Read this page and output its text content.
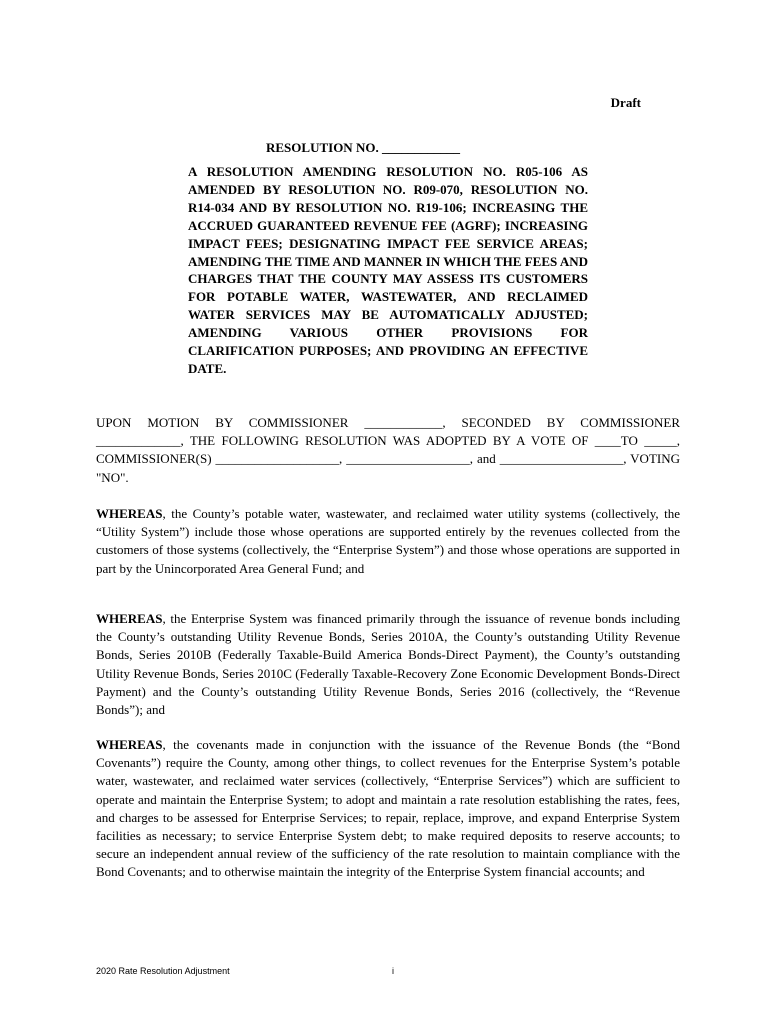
Draft
RESOLUTION NO. ____________
A RESOLUTION AMENDING RESOLUTION NO. R05-106 AS AMENDED BY RESOLUTION NO. R09-070, RESOLUTION NO. R14-034 AND BY RESOLUTION NO. R19-106; INCREASING THE ACCRUED GUARANTEED REVENUE FEE (AGRF); INCREASING IMPACT FEES; DESIGNATING IMPACT FEE SERVICE AREAS; AMENDING THE TIME AND MANNER IN WHICH THE FEES AND CHARGES THAT THE COUNTY MAY ASSESS ITS CUSTOMERS FOR POTABLE WATER, WASTEWATER, AND RECLAIMED WATER SERVICES MAY BE AUTOMATICALLY ADJUSTED; AMENDING VARIOUS OTHER PROVISIONS FOR CLARIFICATION PURPOSES; AND PROVIDING AN EFFECTIVE DATE.
UPON MOTION BY COMMISSIONER ____________, SECONDED BY COMMISSIONER _____________, THE FOLLOWING RESOLUTION WAS ADOPTED BY A VOTE OF ____TO _____, COMMISSIONER(S) ___________________, ___________________, and ___________________, VOTING "NO".
WHEREAS, the County’s potable water, wastewater, and reclaimed water utility systems (collectively, the “Utility System”) include those whose operations are supported entirely by the revenues collected from the customers of those systems (collectively, the “Enterprise System”) and those whose operations are supported in part by the Unincorporated Area General Fund; and
WHEREAS, the Enterprise System was financed primarily through the issuance of revenue bonds including the County’s outstanding Utility Revenue Bonds, Series 2010A, the County’s outstanding Utility Revenue Bonds, Series 2010B (Federally Taxable-Build America Bonds-Direct Payment), the County’s outstanding Utility Revenue Bonds, Series 2010C (Federally Taxable-Recovery Zone Economic Development Bonds-Direct Payment) and the County’s outstanding Utility Revenue Bonds, Series 2016 (collectively, the “Revenue Bonds”); and
WHEREAS, the covenants made in conjunction with the issuance of the Revenue Bonds (the “Bond Covenants”) require the County, among other things, to collect revenues for the Enterprise System’s potable water, wastewater, and reclaimed water services (collectively, “Enterprise Services”) which are sufficient to operate and maintain the Enterprise System; to adopt and maintain a rate resolution establishing the rates, fees, and charges to be assessed for Enterprise Services; to repair, replace, improve, and expand Enterprise System facilities as necessary; to service Enterprise System debt; to make required deposits to reserve accounts; to secure an independent annual review of the sufficiency of the rate resolution to maintain compliance with the Bond Covenants; and to otherwise maintain the integrity of the Enterprise System financial accounts; and
2020 Rate Resolution Adjustment	i
